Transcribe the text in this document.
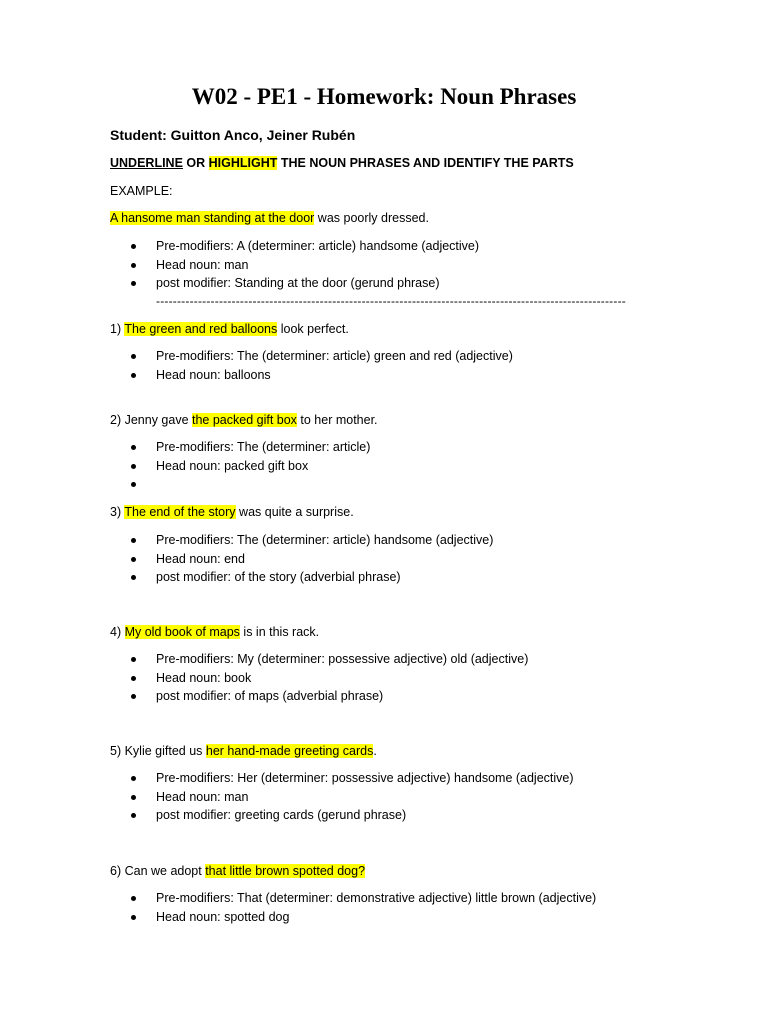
W02 - PE1 - Homework: Noun Phrases
Student: Guitton Anco, Jeiner Rubén
UNDERLINE OR HIGHLIGHT THE NOUN PHRASES AND IDENTIFY THE PARTS
EXAMPLE:
A hansome man standing at the door was poorly dressed.
Pre-modifiers: A (determiner: article) handsome (adjective)
Head noun: man
post modifier: Standing at the door (gerund phrase)
----------------------------------------------------------------------------------------------------------------
1) The green and red balloons look perfect.
Pre-modifiers: The (determiner: article) green and red (adjective)
Head noun: balloons
2) Jenny gave the packed gift box to her mother.
Pre-modifiers: The (determiner: article)
Head noun: packed gift box
3) The end of the story was quite a surprise.
Pre-modifiers: The (determiner: article) handsome (adjective)
Head noun: end
post modifier: of the story (adverbial phrase)
4) My old book of maps is in this rack.
Pre-modifiers: My (determiner: possessive adjective) old (adjective)
Head noun: book
post modifier: of maps (adverbial phrase)
5) Kylie gifted us her hand-made greeting cards.
Pre-modifiers: Her (determiner: possessive adjective) handsome (adjective)
Head noun: man
post modifier: greeting cards (gerund phrase)
6) Can we adopt that little brown spotted dog?
Pre-modifiers: That (determiner: demonstrative adjective) little brown (adjective)
Head noun: spotted dog
